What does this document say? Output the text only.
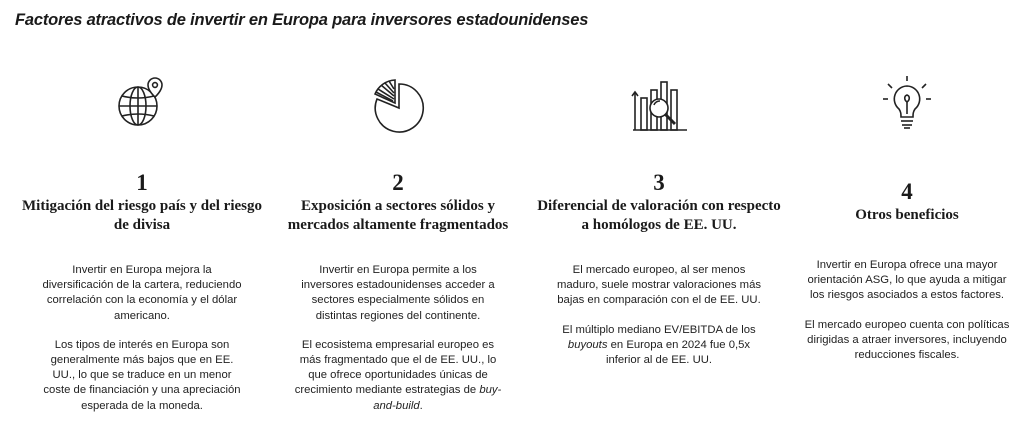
Factores atractivos de invertir en Europa para inversores estadounidenses
1
Mitigación del riesgo país y del riesgo de divisa

Invertir en Europa mejora la diversificación de la cartera, reduciendo correlación con la economía y el dólar americano.

Los tipos de interés en Europa son generalmente más bajos que en EE. UU., lo que se traduce en un menor coste de financiación y una apreciación esperada de la moneda.

2
Exposición a sectores sólidos y mercados altamente fragmentados

Invertir en Europa permite a los inversores estadounidenses acceder a sectores especialmente sólidos en distintas regiones del continente.

El ecosistema empresarial europeo es más fragmentado que el de EE. UU., lo que ofrece oportunidades únicas de crecimiento mediante estrategias de buy-and-build.

3
Diferencial de valoración con respecto a homólogos de EE. UU.

El mercado europeo, al ser menos maduro, suele mostrar valoraciones más bajas en comparación con el de EE. UU.

El múltiplo mediano EV/EBITDA de los buyouts en Europa en 2024 fue 0,5x inferior al de EE. UU.

4
Otros beneficios

Invertir en Europa ofrece una mayor orientación ASG, lo que ayuda a mitigar los riesgos asociados a estos factores.

El mercado europeo cuenta con políticas dirigidas a atraer inversores, incluyendo reducciones fiscales.
